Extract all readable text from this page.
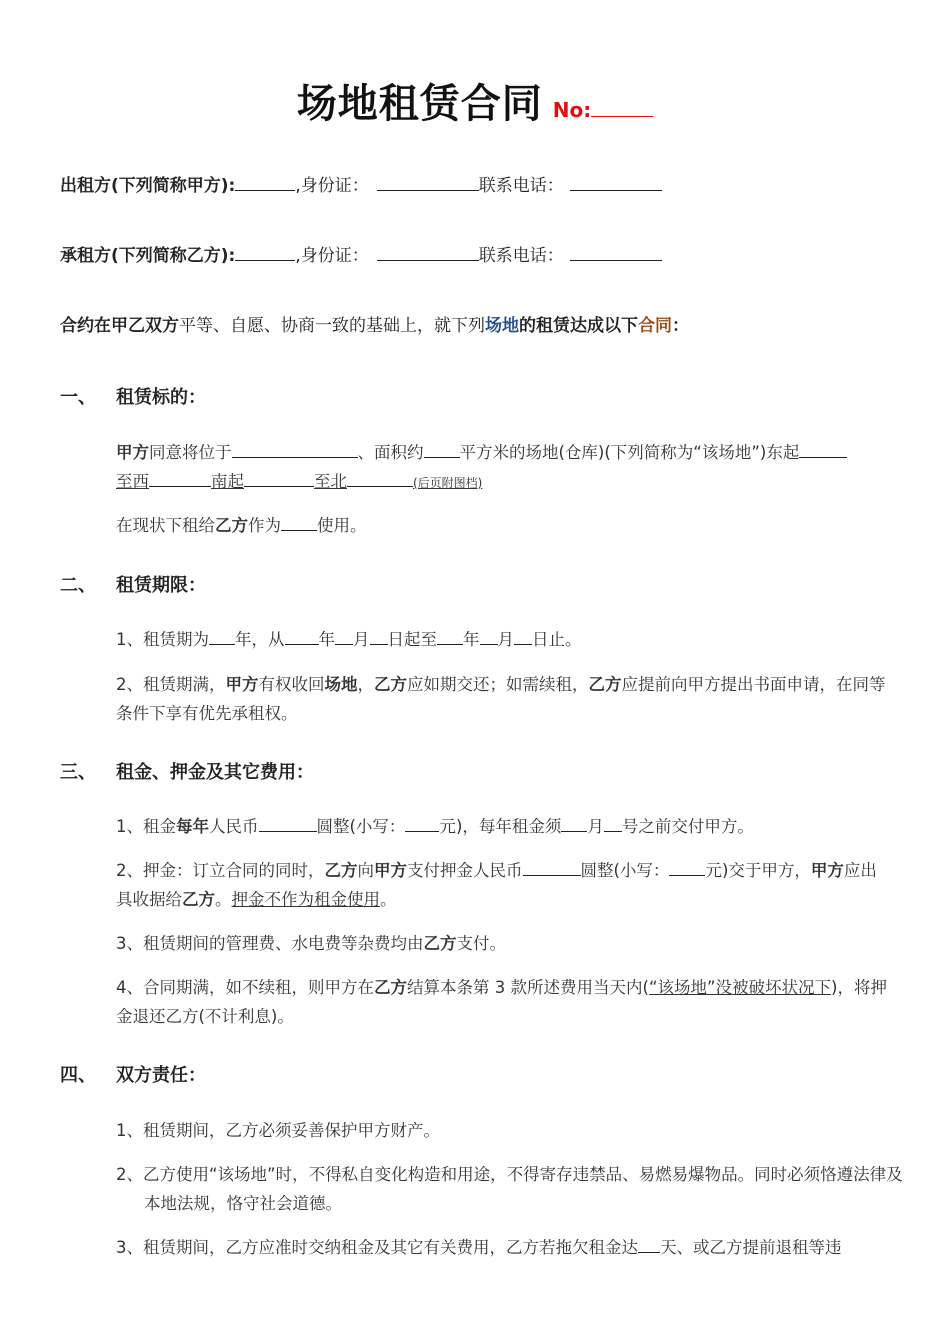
场地租赁合同 No:
出租方(下列简称甲方):	,身份证：	联系电话：
承租方(下列简称乙方):	,身份证：	联系电话：
合约在甲乙双方平等、自愿、协商一致的基础上，就下列场地的租赁达成以下合同：
一、 租赁标的：
甲方同意将位于	、面积约 平方米的场地(仓库)(下列简称为“该场地”)东起
至西	南起	至北	(后页附图档)
在现状下租给乙方作为 使用。
二、 租赁期限：
1、租赁期为 年，从 年 月 日起至 年 月 日止。
2、租赁期满，甲方有权收回场地，乙方应如期交还；如需续租，乙方应提前向甲方提出书面申请，在同等条件下享有优先承租权。
三、 租金、押金及其它费用：
1、租金每年人民币	圆整(小写： 元)，每年租金须 月 号之前交付甲方。
2、押金：订立合同的同时，乙方向甲方支付押金人民币	圆整(小写： 元)交于甲方，甲方应出具收据给乙方。押金不作为租金使用。
3、租赁期间的管理费、水电费等杂费均由乙方支付。
4、合同期满，如不续租，则甲方在乙方结算本条第 3 款所述费用当天内(“该场地”没被破坏状况下)，将押金退还乙方(不计利息)。
四、 双方责任：
1、租赁期间，乙方必须妥善保护甲方财产。
2、乙方使用“该场地”时，不得私自变化构造和用途，不得寄存违禁品、易燃易爆物品。同时必须恪遵法律及本地法规，恪守社会道德。
3、租赁期间，乙方应准时交纳租金及其它有关费用，乙方若拖欠租金达 天、或乙方提前退租等违
